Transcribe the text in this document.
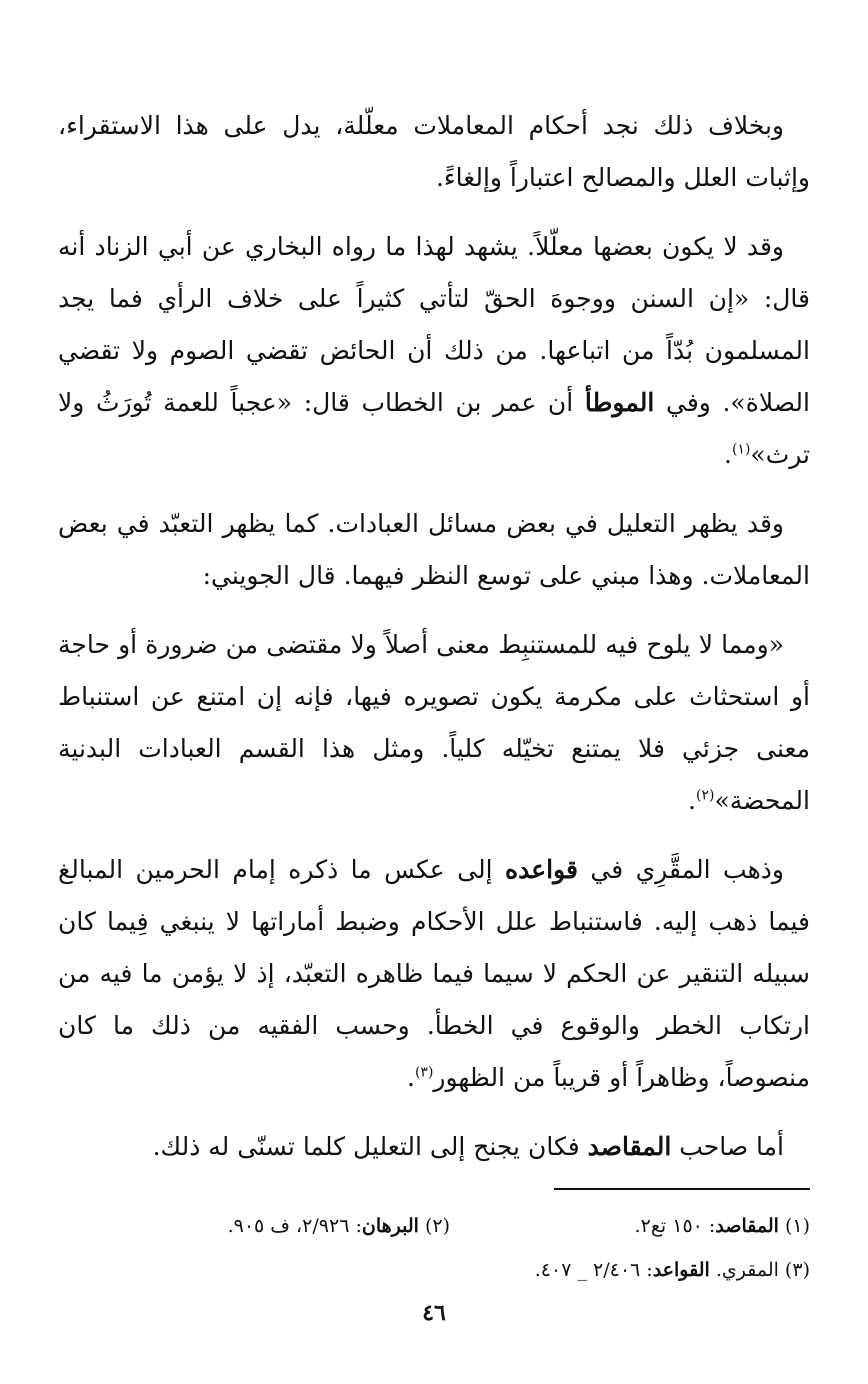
وبخلاف ذلك نجد أحكام المعاملات معلّلة، يدل على هذا الاستقراء، وإثبات العلل والمصالح اعتباراً وإلغاءً.

وقد لا يكون بعضها معلّلاً. يشهد لهذا ما رواه البخاري عن أبي الزناد أنه قال: «إن السنن ووجوهَ الحقّ لتأتي كثيراً على خلاف الرأي فما يجد المسلمون بُدّاً من اتباعها. من ذلك أن الحائض تقضي الصوم ولا تقضي الصلاة». وفي الموطأ أن عمر بن الخطاب قال: «عجباً للعمة تُورَثُ ولا ترث»$^{(١)}$.

وقد يظهر التعليل في بعض مسائل العبادات. كما يظهر التعبّد في بعض المعاملات. وهذا مبني على توسع النظر فيهما. قال الجويني:

«ومما لا يلوح فيه للمستنبِط معنى أصلاً ولا مقتضى من ضرورة أو حاجة أو استحثاث على مكرمة يكون تصويره فيها، فإنه إن امتنع عن استنباط معنى جزئي فلا يمتنع تخيّله كلياً. ومثل هذا القسم العبادات البدنية المحضة»$^{(٢)}$.

وذهب المقَّرِي في قواعده إلى عكس ما ذكره إمام الحرمين المبالغ فيما ذهب إليه. فاستنباط علل الأحكام وضبط أماراتها لا ينبغي فِيما كان سبيله التنقير عن الحكم لا سيما فيما ظاهره التعبّد، إذ لا يؤمن ما فيه من ارتكاب الخطر والوقوع في الخطأ. وحسب الفقيه من ذلك ما كان منصوصاً، وظاهراً أو قريباً من الظهور$^{(٣)}$.

أما صاحب المقاصد فكان يجنح إلى التعليل كلما تسنّى له ذلك.

(١) المقاصد: ١٥٠ تع٢.
(٢) البرهان: ٢/٩٢٦، ف ٩٠٥.
(٣) المقري. القواعد: ٢/٤٠٦ _ ٤٠٧.
٤٦
